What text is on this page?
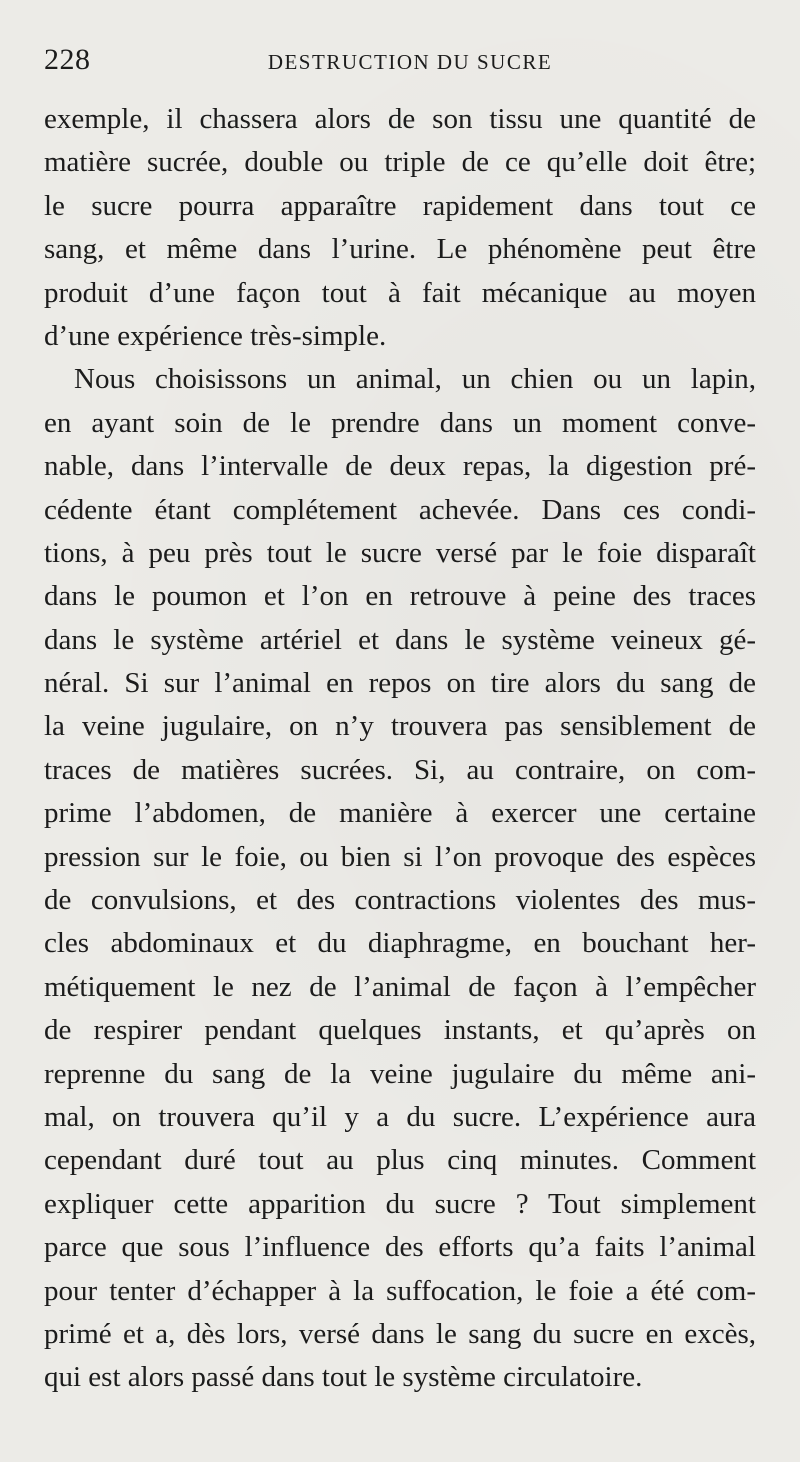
228	DESTRUCTION DU SUCRE
exemple, il chassera alors de son tissu une quantité de
matière sucrée, double ou triple de ce qu’elle doit être;
le sucre pourra apparaître rapidement dans tout ce
sang, et même dans l’urine. Le phénomène peut être
produit d’une façon tout à fait mécanique au moyen
d’une expérience très-simple.
Nous choisissons un animal, un chien ou un lapin,
en ayant soin de le prendre dans un moment conve-
nable, dans l’intervalle de deux repas, la digestion pré-
cédente étant complétement achevée. Dans ces condi-
tions, à peu près tout le sucre versé par le foie disparaît
dans le poumon et l’on en retrouve à peine des traces
dans le système artériel et dans le système veineux gé-
néral. Si sur l’animal en repos on tire alors du sang de
la veine jugulaire, on n’y trouvera pas sensiblement de
traces de matières sucrées. Si, au contraire, on com-
prime l’abdomen, de manière à exercer une certaine
pression sur le foie, ou bien si l’on provoque des espèces
de convulsions, et des contractions violentes des mus-
cles abdominaux et du diaphragme, en bouchant her-
métiquement le nez de l’animal de façon à l’empêcher
de respirer pendant quelques instants, et qu’après on
reprenne du sang de la veine jugulaire du même ani-
mal, on trouvera qu’il y a du sucre. L’expérience aura
cependant duré tout au plus cinq minutes. Comment
expliquer cette apparition du sucre ? Tout simplement
parce que sous l’influence des efforts qu’a faits l’animal
pour tenter d’échapper à la suffocation, le foie a été com-
primé et a, dès lors, versé dans le sang du sucre en excès,
qui est alors passé dans tout le système circulatoire.
